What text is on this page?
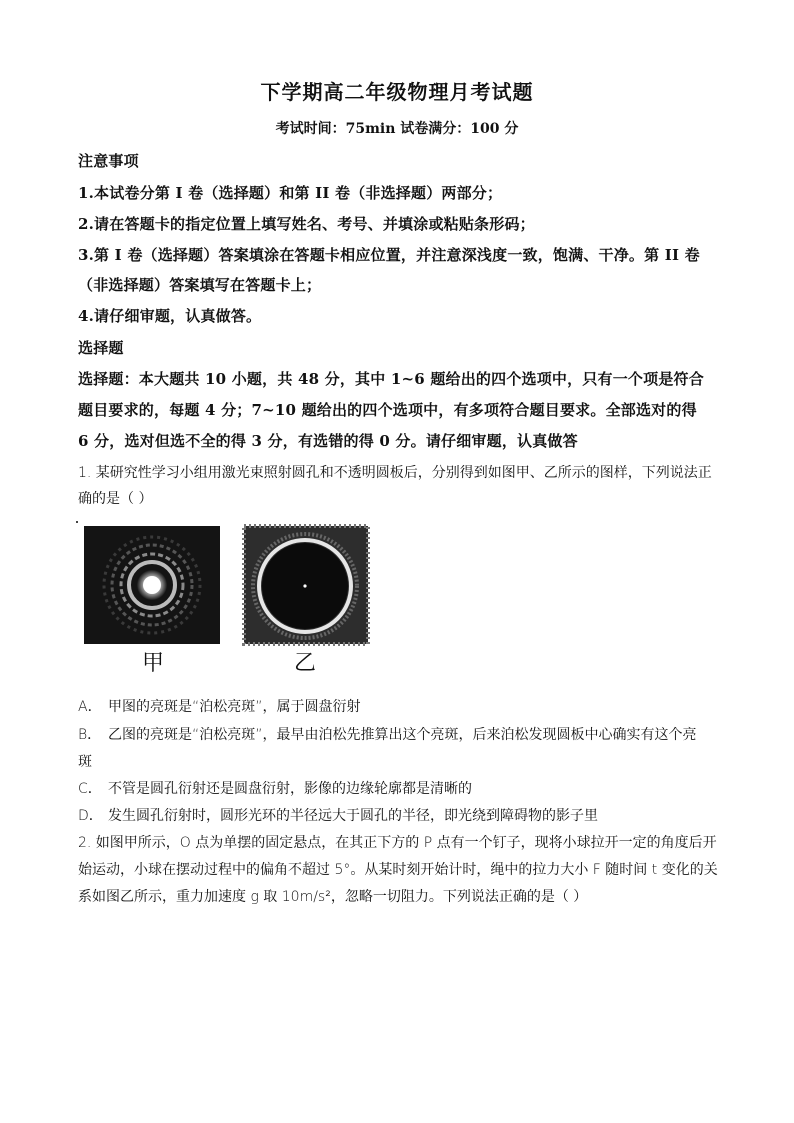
下学期高二年级物理月考试题
考试时间：75min 试卷满分：100 分
注意事项
1.本试卷分第 I 卷（选择题）和第 II 卷（非选择题）两部分；
2.请在答题卡的指定位置上填写姓名、考号、并填涂或粘贴条形码；
3.第 I 卷（选择题）答案填涂在答题卡相应位置，并注意深浅度一致，饱满、干净。第 II 卷
（非选择题）答案填写在答题卡上；
4.请仔细审题，认真做答。
选择题
选择题：本大题共 10 小题，共 48 分，其中 1~6 题给出的四个选项中，只有一个项是符合
题目要求的，每题 4 分；7~10 题给出的四个选项中，有多项符合题目要求。全部选对的得
6 分，选对但选不全的得 3 分，有选错的得 0 分。请仔细审题，认真做答
1. 某研究性学习小组用激光束照射圆孔和不透明圆板后，分别得到如图甲、乙所示的图样，下列说法正
确的是（ ）
甲	乙
A． 甲图的亮斑是“泊松亮斑”，属于圆盘衍射
B． 乙图的亮斑是“泊松亮斑”，最早由泊松先推算出这个亮斑，后来泊松发现圆板中心确实有这个亮
斑
C． 不管是圆孔衍射还是圆盘衍射，影像的边缘轮廓都是清晰的
D． 发生圆孔衍射时，圆形光环的半径远大于圆孔的半径，即光绕到障碍物的影子里
2. 如图甲所示，O 点为单摆的固定悬点，在其正下方的 P 点有一个钉子，现将小球拉开一定的角度后开
始运动，小球在摆动过程中的偏角不超过 5°。从某时刻开始计时，绳中的拉力大小 F 随时间 t 变化的关
系如图乙所示，重力加速度 g 取 10m/s²，忽略一切阻力。下列说法正确的是（ ）
